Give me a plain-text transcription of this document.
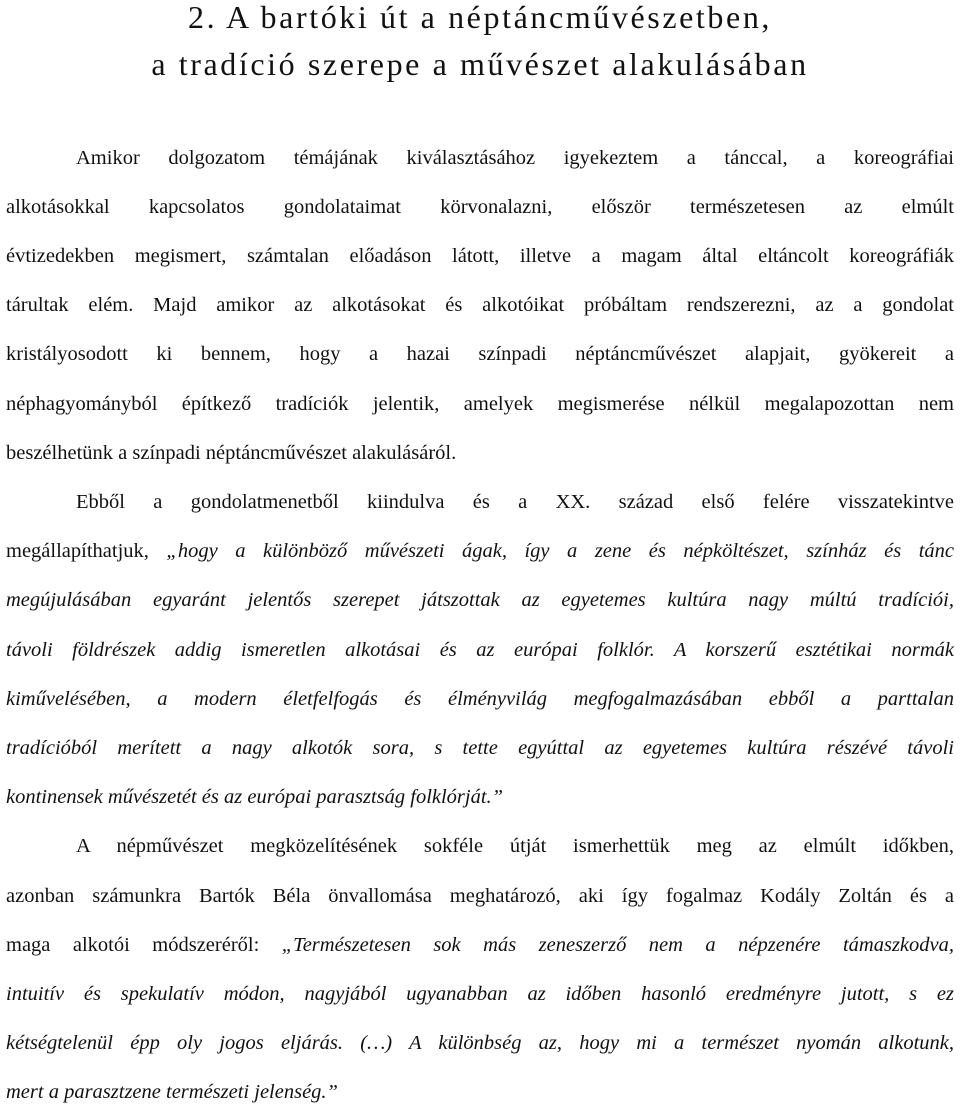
2. A bartóki út a néptáncművészetben,
a tradíció szerepe a művészet alakulásában
Amikor dolgozatom témájának kiválasztásához igyekeztem a tánccal, a koreográfiai
alkotásokkal kapcsolatos gondolataimat körvonalazni, először természetesen az elmúlt
évtizedekben megismert, számtalan előadáson látott, illetve a magam által eltáncolt koreográfiák
tárultak elém. Majd amikor az alkotásokat és alkotóikat próbáltam rendszerezni, az a gondolat
kristályosodott ki bennem, hogy a hazai színpadi néptáncművészet alapjait, gyökereit a
néphagyományból építkező tradíciók jelentik, amelyek megismerése nélkül megalapozottan nem
beszélhetünk a színpadi néptáncművészet alakulásáról.
Ebből a gondolatmenetből kiindulva és a XX. század első felére visszatekintve
megállapíthatjuk, „hogy a különböző művészeti ágak, így a zene és népköltészet, színház és tánc
megújulásában egyaránt jelentős szerepet játszottak az egyetemes kultúra nagy múltú tradíciói,
távoli földrészek addig ismeretlen alkotásai és az európai folklór. A korszerű esztétikai normák
kiművelésében, a modern életfelfogás és élményvilág megfogalmazásában ebből a parttalan
tradícióból merített a nagy alkotók sora, s tette egyúttal az egyetemes kultúra részévé távoli
kontinensek művészetét és az európai parasztság folklórját.”
A népművészet megközelítésének sokféle útját ismerhettük meg az elmúlt időkben,
azonban számunkra Bartók Béla önvallomása meghatározó, aki így fogalmaz Kodály Zoltán és a
maga alkotói módszeréről: „Természetesen sok más zeneszerző nem a népzenére támaszkodva,
intuitív és spekulatív módon, nagyjából ugyanabban az időben hasonló eredményre jutott, s ez
kétségtelenül épp oly jogos eljárás. (…) A különbség az, hogy mi a természet nyomán alkotunk,
mert a parasztzene természeti jelenség.”
